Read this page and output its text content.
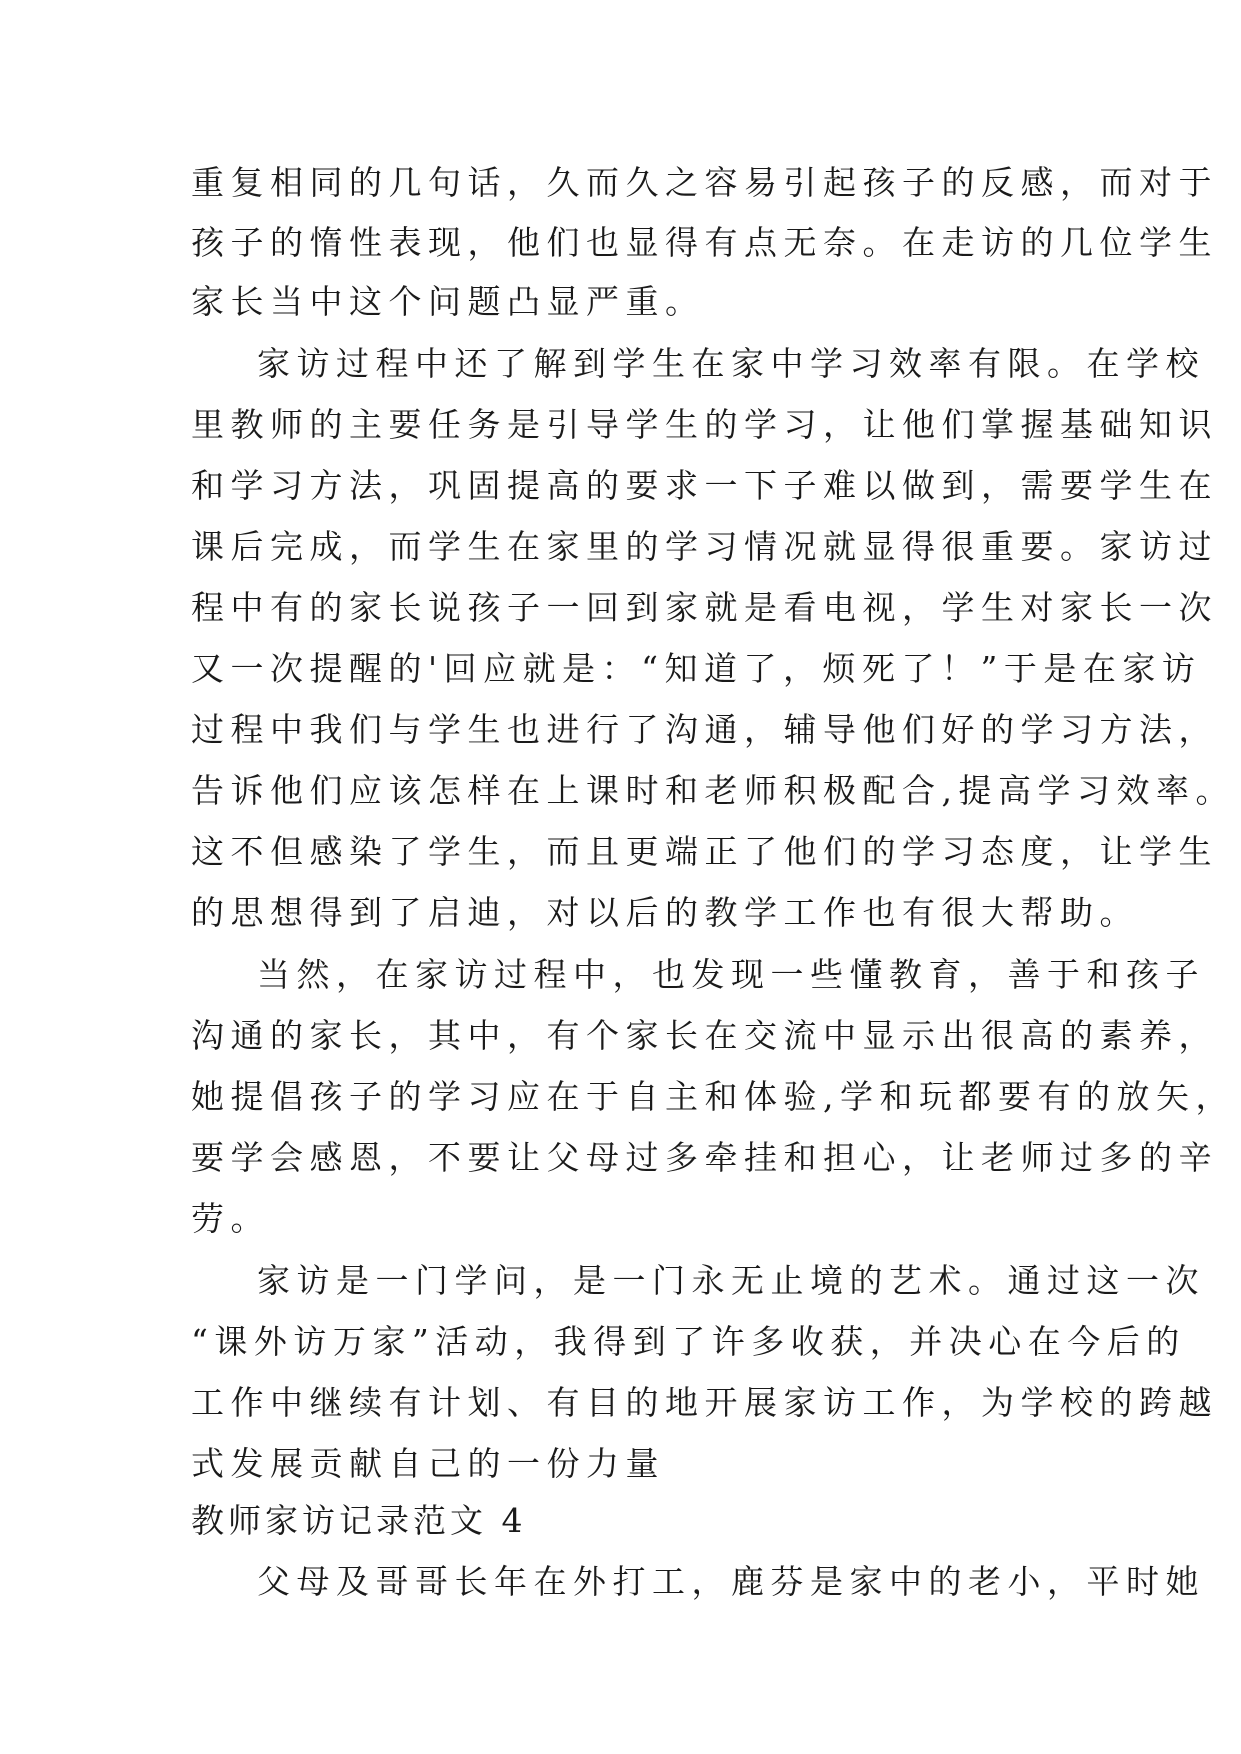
重复相同的几句话，久而久之容易引起孩子的反感，而对于
孩子的惰性表现，他们也显得有点无奈。在走访的几位学生
家长当中这个问题凸显严重。
家访过程中还了解到学生在家中学习效率有限。在学校
里教师的主要任务是引导学生的学习，让他们掌握基础知识
和学习方法，巩固提高的要求一下子难以做到，需要学生在
课后完成，而学生在家里的学习情况就显得很重要。家访过
程中有的家长说孩子一回到家就是看电视，学生对家长一次
又一次提醒的'回应就是：“知道了，烦死了！”于是在家访
过程中我们与学生也进行了沟通，辅导他们好的学习方法，
告诉他们应该怎样在上课时和老师积极配合,提高学习效率。
这不但感染了学生，而且更端正了他们的学习态度，让学生
的思想得到了启迪，对以后的教学工作也有很大帮助。
当然，在家访过程中，也发现一些懂教育，善于和孩子
沟通的家长，其中，有个家长在交流中显示出很高的素养，
她提倡孩子的学习应在于自主和体验,学和玩都要有的放矢，
要学会感恩，不要让父母过多牵挂和担心，让老师过多的辛
劳。
家访是一门学问，是一门永无止境的艺术。通过这一次
“课外访万家”活动，我得到了许多收获，并决心在今后的
工作中继续有计划、有目的地开展家访工作，为学校的跨越
式发展贡献自己的一份力量
教师家访记录范文 4
父母及哥哥长年在外打工，鹿芬是家中的老小，平时她
